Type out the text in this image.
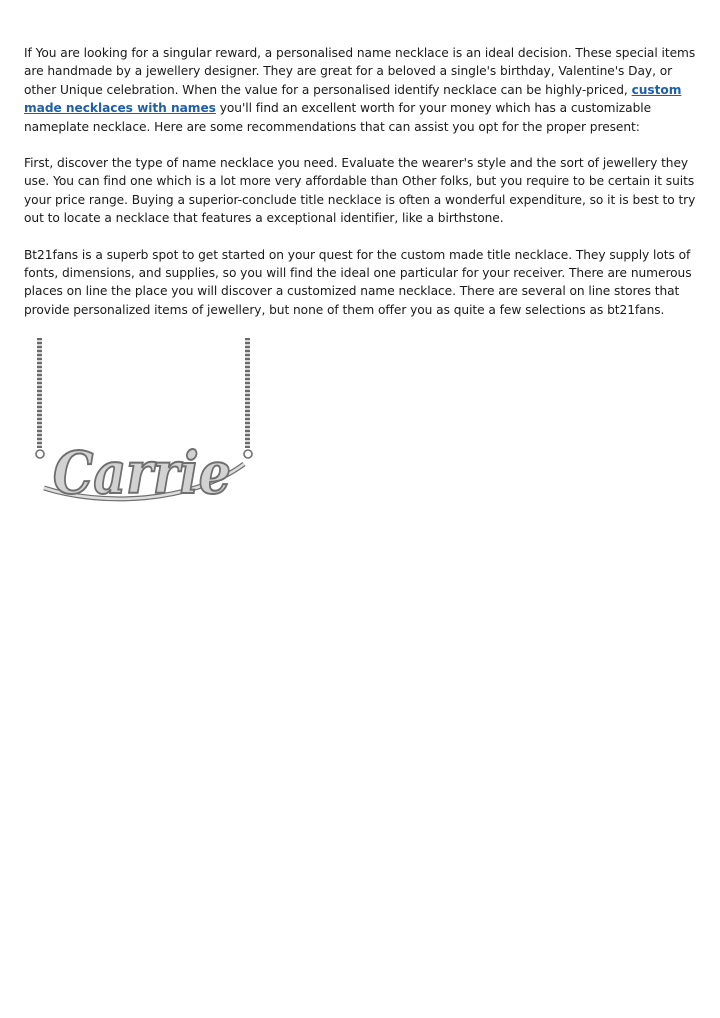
If You are looking for a singular reward, a personalised name necklace is an ideal decision. These special items are handmade by a jewellery designer. They are great for a beloved a single's birthday, Valentine's Day, or other Unique celebration. When the value for a personalised identify necklace can be highly-priced, custom made necklaces with names you'll find an excellent worth for your money which has a customizable nameplate necklace. Here are some recommendations that can assist you opt for the proper present:

First, discover the type of name necklace you need. Evaluate the wearer's style and the sort of jewellery they use. You can find one which is a lot more very affordable than Other folks, but you require to be certain it suits your price range. Buying a superior-conclude title necklace is often a wonderful expenditure, so it is best to try out to locate a necklace that features a exceptional identifier, like a birthstone.

Bt21fans is a superb spot to get started on your quest for the custom made title necklace. They supply lots of fonts, dimensions, and supplies, so you will find the ideal one particular for your receiver. There are numerous places on line the place you will discover a customized name necklace. There are several on line stores that provide personalized items of jewellery, but none of them offer you as quite a few selections as bt21fans.

Carrie
